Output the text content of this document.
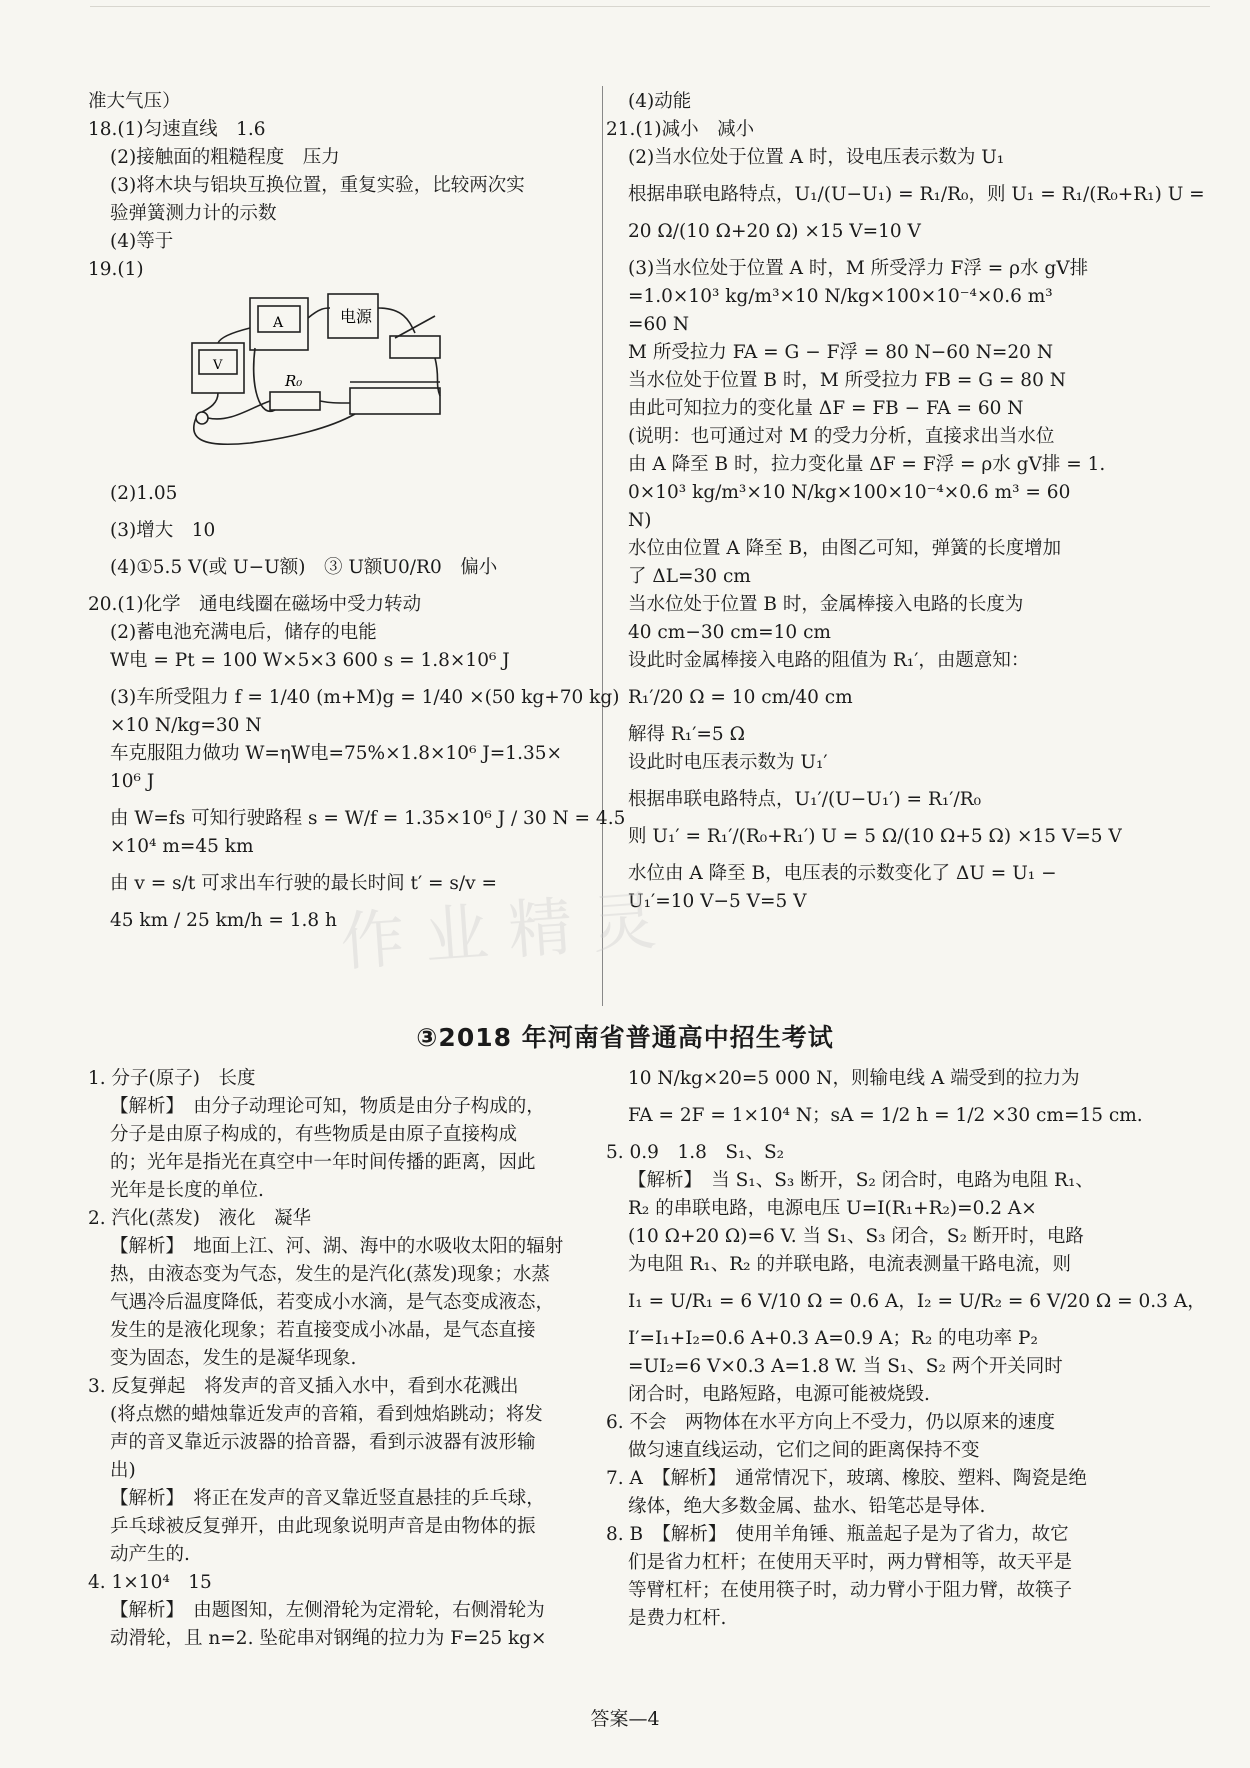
准大气压）

18.(1)匀速直线　1.6

(2)接触面的粗糙程度　压力

(3)将木块与铝块互换位置，重复实验，比较两次实

验弹簧测力计的示数

(4)等于

19.(1)

(2)1.05

(3)增大　10

(4)①5.5 V(或 U−U额)　③ U额U0/R0　偏小

20.(1)化学　通电线圈在磁场中受力转动

(2)蓄电池充满电后，储存的电能

W电 = Pt = 100 W×5×3 600 s = 1.8×10⁶ J

(3)车所受阻力 f = 1/40 (m+M)g = 1/40 ×(50 kg+70 kg)

×10 N/kg=30 N

车克服阻力做功 W=ηW电=75%×1.8×10⁶ J=1.35×

10⁶ J

由 W=fs 可知行驶路程 s = W/f = 1.35×10⁶ J / 30 N = 4.5

×10⁴ m=45 km

由 v = s/t 可求出车行驶的最长时间 t′ = s/v =

45 km / 25 km/h = 1.8 h

电源
R₀
A
V

(4)动能

21.(1)减小　减小

(2)当水位处于位置 A 时，设电压表示数为 U₁

根据串联电路特点，U₁/(U−U₁) = R₁/R₀，则 U₁ = R₁/(R₀+R₁) U =

20 Ω/(10 Ω+20 Ω) ×15 V=10 V

(3)当水位处于位置 A 时，M 所受浮力 F浮 = ρ水 gV排

=1.0×10³ kg/m³×10 N/kg×100×10⁻⁴×0.6 m³

=60 N

M 所受拉力 FA = G − F浮 = 80 N−60 N=20 N

当水位处于位置 B 时，M 所受拉力 FB = G = 80 N

由此可知拉力的变化量 ΔF = FB − FA = 60 N

(说明：也可通过对 M 的受力分析，直接求出当水位

由 A 降至 B 时，拉力变化量 ΔF = F浮 = ρ水 gV排 = 1.

0×10³ kg/m³×10 N/kg×100×10⁻⁴×0.6 m³ = 60

N)

水位由位置 A 降至 B，由图乙可知，弹簧的长度增加

了 ΔL=30 cm

当水位处于位置 B 时，金属棒接入电路的长度为

40 cm−30 cm=10 cm

设此时金属棒接入电路的阻值为 R₁′，由题意知：

R₁′/20 Ω = 10 cm/40 cm

解得 R₁′=5 Ω

设此时电压表示数为 U₁′

根据串联电路特点，U₁′/(U−U₁′) = R₁′/R₀

则 U₁′ = R₁′/(R₀+R₁′) U = 5 Ω/(10 Ω+5 Ω) ×15 V=5 V

水位由 A 降至 B，电压表的示数变化了 ΔU = U₁ −

U₁′=10 V−5 V=5 V

作业精灵
③2018 年河南省普通高中招生考试

1. 分子(原子)　长度

【解析】　由分子动理论可知，物质是由分子构成的，

分子是由原子构成的，有些物质是由原子直接构成

的；光年是指光在真空中一年时间传播的距离，因此

光年是长度的单位.

2. 汽化(蒸发)　液化　凝华

【解析】　地面上江、河、湖、海中的水吸收太阳的辐射

热，由液态变为气态，发生的是汽化(蒸发)现象；水蒸

气遇冷后温度降低，若变成小水滴，是气态变成液态，

发生的是液化现象；若直接变成小冰晶，是气态直接

变为固态，发生的是凝华现象.

3. 反复弹起　将发声的音叉插入水中，看到水花溅出

(将点燃的蜡烛靠近发声的音箱，看到烛焰跳动；将发

声的音叉靠近示波器的拾音器，看到示波器有波形输

出)

【解析】　将正在发声的音叉靠近竖直悬挂的乒乓球，

乒乓球被反复弹开，由此现象说明声音是由物体的振

动产生的.

4. 1×10⁴　15

【解析】　由题图知，左侧滑轮为定滑轮，右侧滑轮为

动滑轮，且 n=2. 坠砣串对钢绳的拉力为 F=25 kg×

10 N/kg×20=5 000 N，则输电线 A 端受到的拉力为

FA = 2F = 1×10⁴ N；sA = 1/2 h = 1/2 ×30 cm=15 cm.

5. 0.9　1.8　S₁、S₂

【解析】　当 S₁、S₃ 断开，S₂ 闭合时，电路为电阻 R₁、

R₂ 的串联电路，电源电压 U=I(R₁+R₂)=0.2 A×

(10 Ω+20 Ω)=6 V. 当 S₁、S₃ 闭合，S₂ 断开时，电路

为电阻 R₁、R₂ 的并联电路，电流表测量干路电流，则

I₁ = U/R₁ = 6 V/10 Ω = 0.6 A，I₂ = U/R₂ = 6 V/20 Ω = 0.3 A，

I′=I₁+I₂=0.6 A+0.3 A=0.9 A；R₂ 的电功率 P₂

=UI₂=6 V×0.3 A=1.8 W. 当 S₁、S₂ 两个开关同时

闭合时，电路短路，电源可能被烧毁.

6. 不会　两物体在水平方向上不受力，仍以原来的速度

做匀速直线运动，它们之间的距离保持不变

7. A　【解析】　通常情况下，玻璃、橡胶、塑料、陶瓷是绝

缘体，绝大多数金属、盐水、铅笔芯是导体.

8. B　【解析】　使用羊角锤、瓶盖起子是为了省力，故它

们是省力杠杆；在使用天平时，两力臂相等，故天平是

等臂杠杆；在使用筷子时，动力臂小于阻力臂，故筷子

是费力杠杆.

答案—4
